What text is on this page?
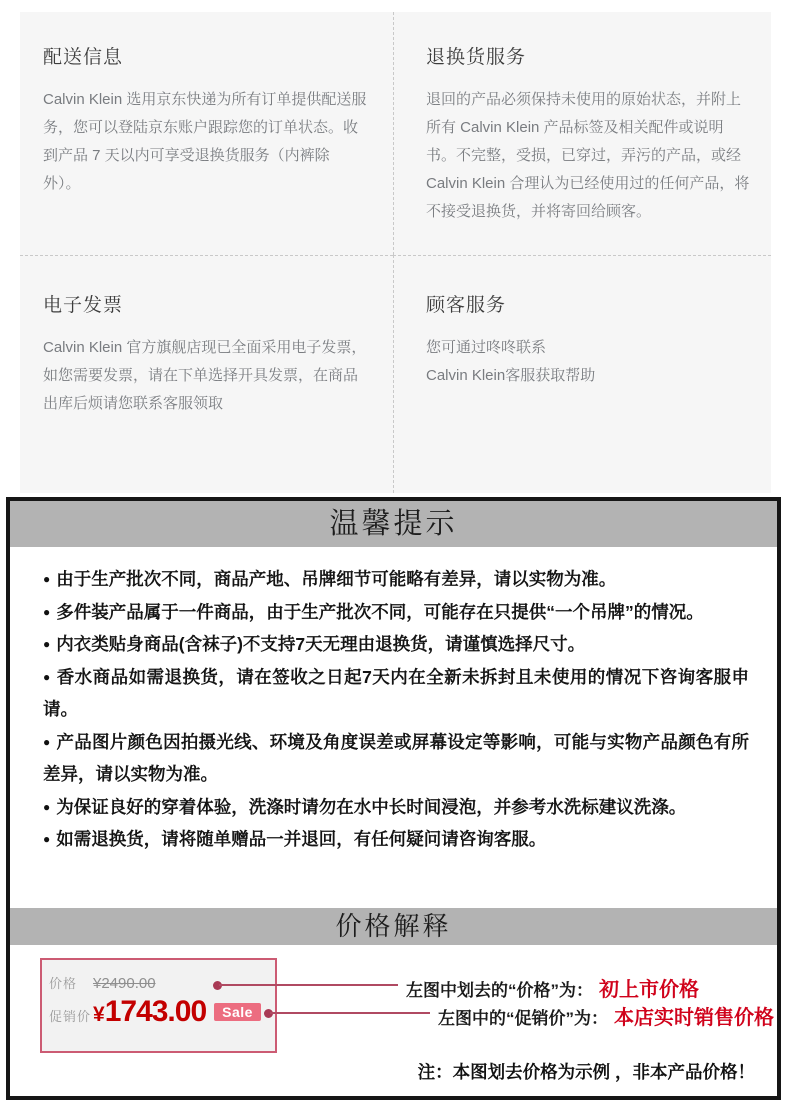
配送信息

Calvin Klein 选用京东快递为所有订单提供配送服务，您可以登陆京东账户跟踪您的订单状态。收到产品 7 天以内可享受退换货服务（内裤除外）。

退换货服务

退回的产品必须保持未使用的原始状态，并附上所有 Calvin Klein 产品标签及相关配件或说明书。不完整，受损，已穿过，弄污的产品，或经 Calvin Klein 合理认为已经使用过的任何产品，将不接受退换货，并将寄回给顾客。

电子发票

Calvin Klein 官方旗舰店现已全面采用电子发票，如您需要发票，请在下单选择开具发票，在商品出库后烦请您联系客服领取

顾客服务

您可通过咚咚联系

Calvin Klein客服获取帮助

温馨提示
● 由于生产批次不同，商品产地、吊牌细节可能略有差异，请以实物为准。
● 多件装产品属于一件商品，由于生产批次不同，可能存在只提供“一个吊牌”的情况。
● 内衣类贴身商品(含袜子)不支持7天无理由退换货，请谨慎选择尺寸。
● 香水商品如需退换货，请在签收之日起7天内在全新未拆封且未使用的情况下咨询客服申请。
● 产品图片颜色因拍摄光线、环境及角度误差或屏幕设定等影响，可能与实物产品颜色有所差异，请以实物为准。
● 为保证良好的穿着体验，洗涤时请勿在水中长时间浸泡，并参考水洗标建议洗涤。
● 如需退换货，请将随单赠品一并退回，有任何疑问请咨询客服。
价格解释
价格	¥2490.00
促销价 ¥1743.00	Sale
左图中划去的“价格”为： 初上市价格
左图中的“促销价”为： 本店实时销售价格
注：本图划去价格为示例 ，非本产品价格！
